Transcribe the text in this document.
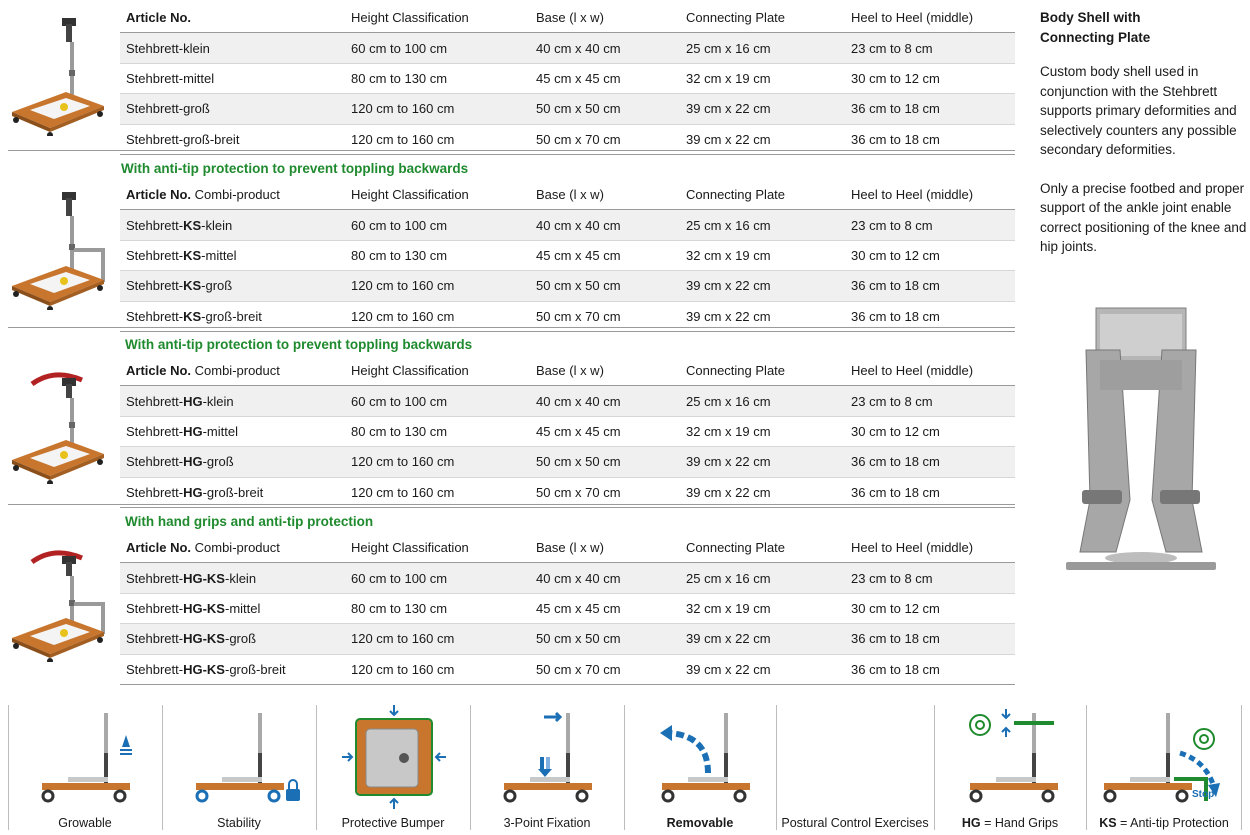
Article No.	Height Classification	Base (l x w)	Connecting Plate	Heel to Heel (middle)
Stehbrett-klein	60 cm to 100 cm	40 cm x 40 cm	25 cm x 16 cm	23 cm to 8 cm
Stehbrett-mittel	80 cm to 130 cm	45 cm x 45 cm	32 cm x 19 cm	30 cm to 12 cm
Stehbrett-groß	120 cm to 160 cm	50 cm x 50 cm	39 cm x 22 cm	36 cm to 18 cm
Stehbrett-groß-breit	120 cm to 160 cm	50 cm x 70 cm	39 cm x 22 cm	36 cm to 18 cm
With anti-tip protection to prevent toppling backwards
Article No. Combi-product	Height Classification	Base (l x w)	Connecting Plate	Heel to Heel (middle)
Stehbrett-KS-klein	60 cm to 100 cm	40 cm x 40 cm	25 cm x 16 cm	23 cm to 8 cm
Stehbrett-KS-mittel	80 cm to 130 cm	45 cm x 45 cm	32 cm x 19 cm	30 cm to 12 cm
Stehbrett-KS-groß	120 cm to 160 cm	50 cm x 50 cm	39 cm x 22 cm	36 cm to 18 cm
Stehbrett-KS-groß-breit	120 cm to 160 cm	50 cm x 70 cm	39 cm x 22 cm	36 cm to 18 cm
With anti-tip protection to prevent toppling backwards
Article No. Combi-product	Height Classification	Base (l x w)	Connecting Plate	Heel to Heel (middle)
Stehbrett-HG-klein	60 cm to 100 cm	40 cm x 40 cm	25 cm x 16 cm	23 cm to 8 cm
Stehbrett-HG-mittel	80 cm to 130 cm	45 cm x 45 cm	32 cm x 19 cm	30 cm to 12 cm
Stehbrett-HG-groß	120 cm to 160 cm	50 cm x 50 cm	39 cm x 22 cm	36 cm to 18 cm
Stehbrett-HG-groß-breit	120 cm to 160 cm	50 cm x 70 cm	39 cm x 22 cm	36 cm to 18 cm
With hand grips and anti-tip protection
Article No. Combi-product	Height Classification	Base (l x w)	Connecting Plate	Heel to Heel (middle)
Stehbrett-HG-KS-klein	60 cm to 100 cm	40 cm x 40 cm	25 cm x 16 cm	23 cm to 8 cm
Stehbrett-HG-KS-mittel	80 cm to 130 cm	45 cm x 45 cm	32 cm x 19 cm	30 cm to 12 cm
Stehbrett-HG-KS-groß	120 cm to 160 cm	50 cm x 50 cm	39 cm x 22 cm	36 cm to 18 cm
Stehbrett-HG-KS-groß-breit	120 cm to 160 cm	50 cm x 70 cm	39 cm x 22 cm	36 cm to 18 cm

Body Shell with
Connecting Plate

Custom body shell used in conjunction with the Stehbrett supports primary deformities and selectively counters any possible secondary deformities.

Only a precise footbed and proper support of the ankle joint enable correct positioning of the knee and hip joints.

Growable	Stability	Protective Bumper	3-Point Fixation	Removable	Postural Control Exercises	HG = Hand Grips
Stop
KS = Anti-tip Protection
